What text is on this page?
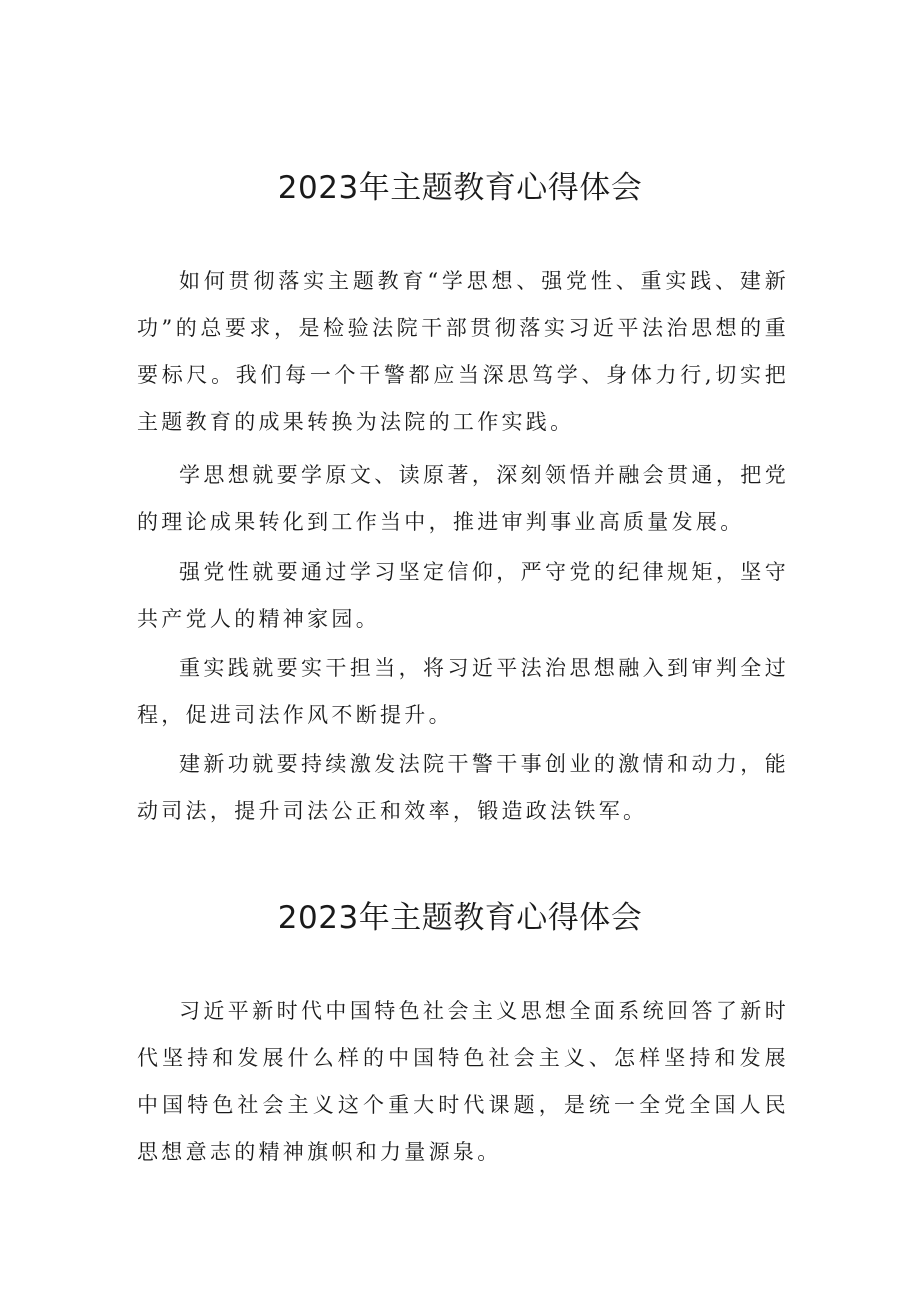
2023年主题教育心得体会

如何贯彻落实主题教育“学思想、强党性、重实践、建新功”的总要求，是检验法院干部贯彻落实习近平法治思想的重要标尺。我们每一个干警都应当深思笃学、身体力行,切实把主题教育的成果转换为法院的工作实践。

学思想就要学原文、读原著，深刻领悟并融会贯通，把党的理论成果转化到工作当中，推进审判事业高质量发展。

强党性就要通过学习坚定信仰，严守党的纪律规矩，坚守共产党人的精神家园。

重实践就要实干担当，将习近平法治思想融入到审判全过程，促进司法作风不断提升。

建新功就要持续激发法院干警干事创业的激情和动力，能动司法，提升司法公正和效率，锻造政法铁军。

2023年主题教育心得体会

习近平新时代中国特色社会主义思想全面系统回答了新时代坚持和发展什么样的中国特色社会主义、怎样坚持和发展中国特色社会主义这个重大时代课题，是统一全党全国人民思想意志的精神旗帜和力量源泉。
